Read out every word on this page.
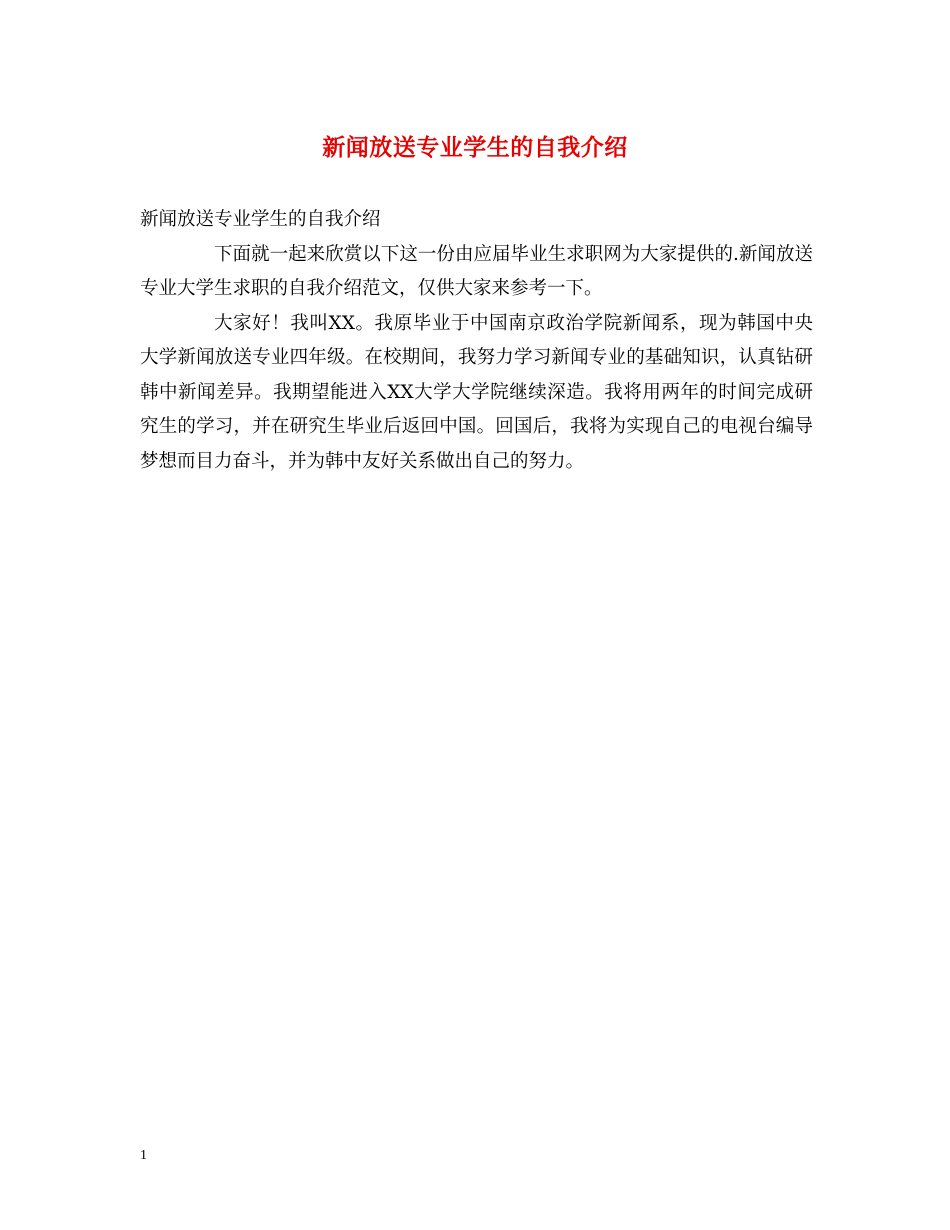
新闻放送专业学生的自我介绍

新闻放送专业学生的自我介绍

下面就一起来欣赏以下这一份由应届毕业生求职网为大家提供的.新闻放送专业大学生求职的自我介绍范文，仅供大家来参考一下。

大家好！我叫XX。我原毕业于中国南京政治学院新闻系，现为韩国中央大学新闻放送专业四年级。在校期间，我努力学习新闻专业的基础知识，认真钻研韩中新闻差异。我期望能进入XX大学大学院继续深造。我将用两年的时间完成研究生的学习，并在研究生毕业后返回中国。回国后，我将为实现自己的电视台编导梦想而目力奋斗，并为韩中友好关系做出自己的努力。

1
